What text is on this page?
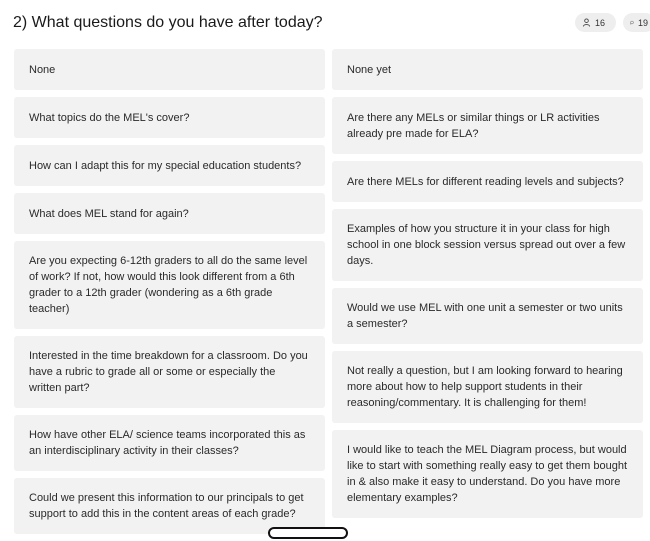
2) What questions do you have after today?	16	19
None
What topics do the MEL's cover?
How can I adapt this for my special education students?
What does MEL stand for again?
Are you expecting 6-12th graders to all do the same level of work? If not, how would this look different from a 6th grader to a 12th grader (wondering as a 6th grade teacher)
Interested in the time breakdown for a classroom. Do you have a rubric to grade all or some or especially the written part?
How have other ELA/ science teams incorporated this as an interdisciplinary activity in their classes?
Could we present this information to our principals to get support to add this in the content areas of each grade?
None yet
Are there any MELs or similar things or LR activities already pre made for ELA?
Are there MELs for different reading levels and subjects?
Examples of how you structure it in your class for high school in one block session versus spread out over a few days.
Would we use MEL with one unit a semester or two units a semester?
Not really a question, but I am looking forward to hearing more about how to help support students in their reasoning/commentary. It is challenging for them!
I would like to teach the MEL Diagram process, but would like to start with something really easy to get them bought in & also make it easy to understand. Do you have more elementary examples?
